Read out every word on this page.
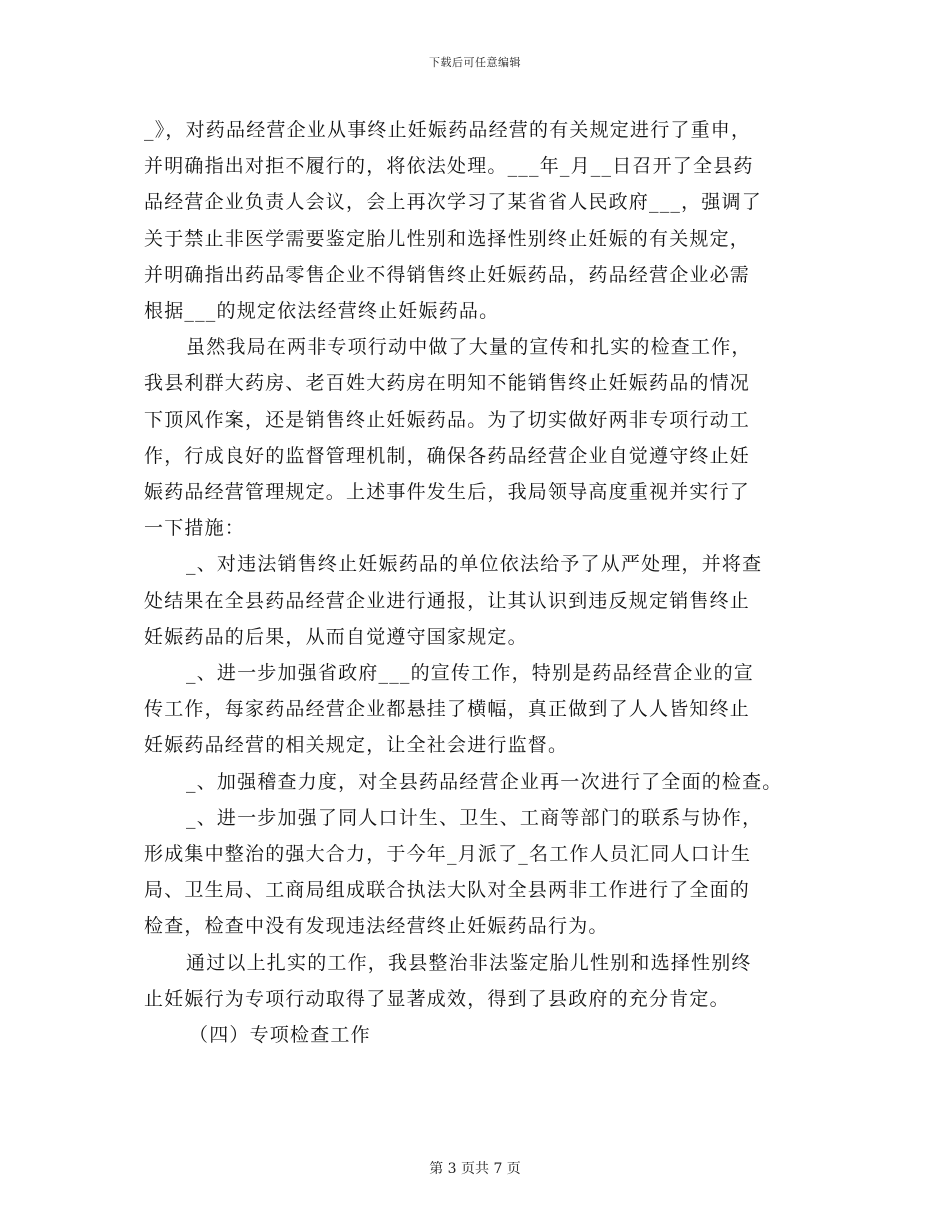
下载后可任意编辑

_》，对药品经营企业从事终止妊娠药品经营的有关规定进行了重申，

并明确指出对拒不履行的，将依法处理。___年_月__日召开了全县药

品经营企业负责人会议，会上再次学习了某省省人民政府___，强调了

关于禁止非医学需要鉴定胎儿性别和选择性别终止妊娠的有关规定，

并明确指出药品零售企业不得销售终止妊娠药品，药品经营企业必需

根据___的规定依法经营终止妊娠药品。

虽然我局在两非专项行动中做了大量的宣传和扎实的检查工作，

我县利群大药房、老百姓大药房在明知不能销售终止妊娠药品的情况

下顶风作案，还是销售终止妊娠药品。为了切实做好两非专项行动工

作，行成良好的监督管理机制，确保各药品经营企业自觉遵守终止妊

娠药品经营管理规定。上述事件发生后，我局领导高度重视并实行了

一下措施：

_、对违法销售终止妊娠药品的单位依法给予了从严处理，并将查

处结果在全县药品经营企业进行通报，让其认识到违反规定销售终止

妊娠药品的后果，从而自觉遵守国家规定。

_、进一步加强省政府___的宣传工作，特别是药品经营企业的宣

传工作，每家药品经营企业都悬挂了横幅，真正做到了人人皆知终止

妊娠药品经营的相关规定，让全社会进行监督。

_、加强稽查力度，对全县药品经营企业再一次进行了全面的检查。

_、进一步加强了同人口计生、卫生、工商等部门的联系与协作，

形成集中整治的强大合力，于今年_月派了_名工作人员汇同人口计生

局、卫生局、工商局组成联合执法大队对全县两非工作进行了全面的

检查，检查中没有发现违法经营终止妊娠药品行为。

通过以上扎实的工作，我县整治非法鉴定胎儿性别和选择性别终

止妊娠行为专项行动取得了显著成效，得到了县政府的充分肯定。

（四）专项检查工作

第 3 页共 7 页
